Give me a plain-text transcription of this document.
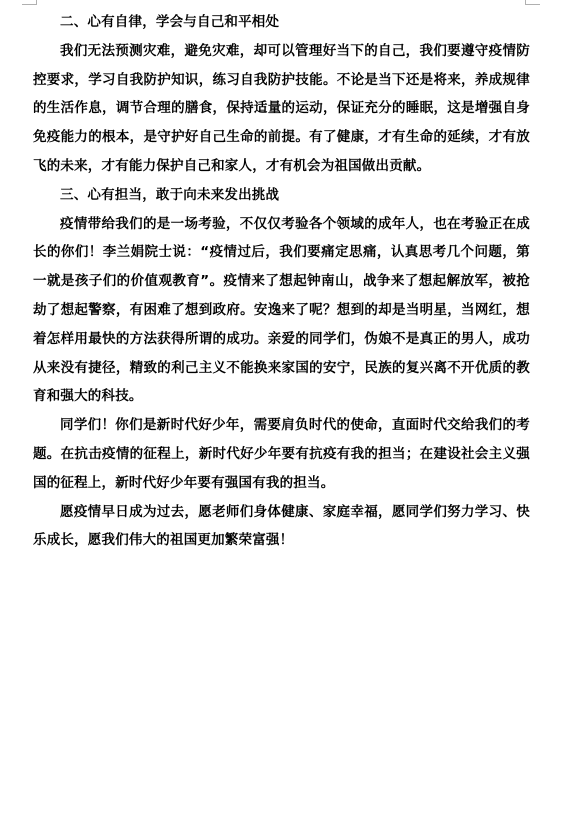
二、心有自律，学会与自己和平相处

我们无法预测灾难，避免灾难，却可以管理好当下的自己，我们要遵守疫情防控要求，学习自我防护知识，练习自我防护技能。不论是当下还是将来，养成规律的生活作息，调节合理的膳食，保持适量的运动，保证充分的睡眠，这是增强自身免疫能力的根本，是守护好自己生命的前提。有了健康，才有生命的延续，才有放飞的未来，才有能力保护自己和家人，才有机会为祖国做出贡献。

三、心有担当，敢于向未来发出挑战

疫情带给我们的是一场考验，不仅仅考验各个领域的成年人，也在考验正在成长的你们！李兰娟院士说：“疫情过后，我们要痛定思痛，认真思考几个问题，第一就是孩子们的价值观教育”。疫情来了想起钟南山，战争来了想起解放军，被抢劫了想起警察，有困难了想到政府。安逸来了呢？想到的却是当明星，当网红，想着怎样用最快的方法获得所谓的成功。亲爱的同学们，伪娘不是真正的男人，成功从来没有捷径，精致的利己主义不能换来家国的安宁，民族的复兴离不开优质的教育和强大的科技。

同学们！你们是新时代好少年，需要肩负时代的使命，直面时代交给我们的考题。在抗击疫情的征程上，新时代好少年要有抗疫有我的担当；在建设社会主义强国的征程上，新时代好少年要有强国有我的担当。

愿疫情早日成为过去，愿老师们身体健康、家庭幸福，愿同学们努力学习、快乐成长，愿我们伟大的祖国更加繁荣富强！
